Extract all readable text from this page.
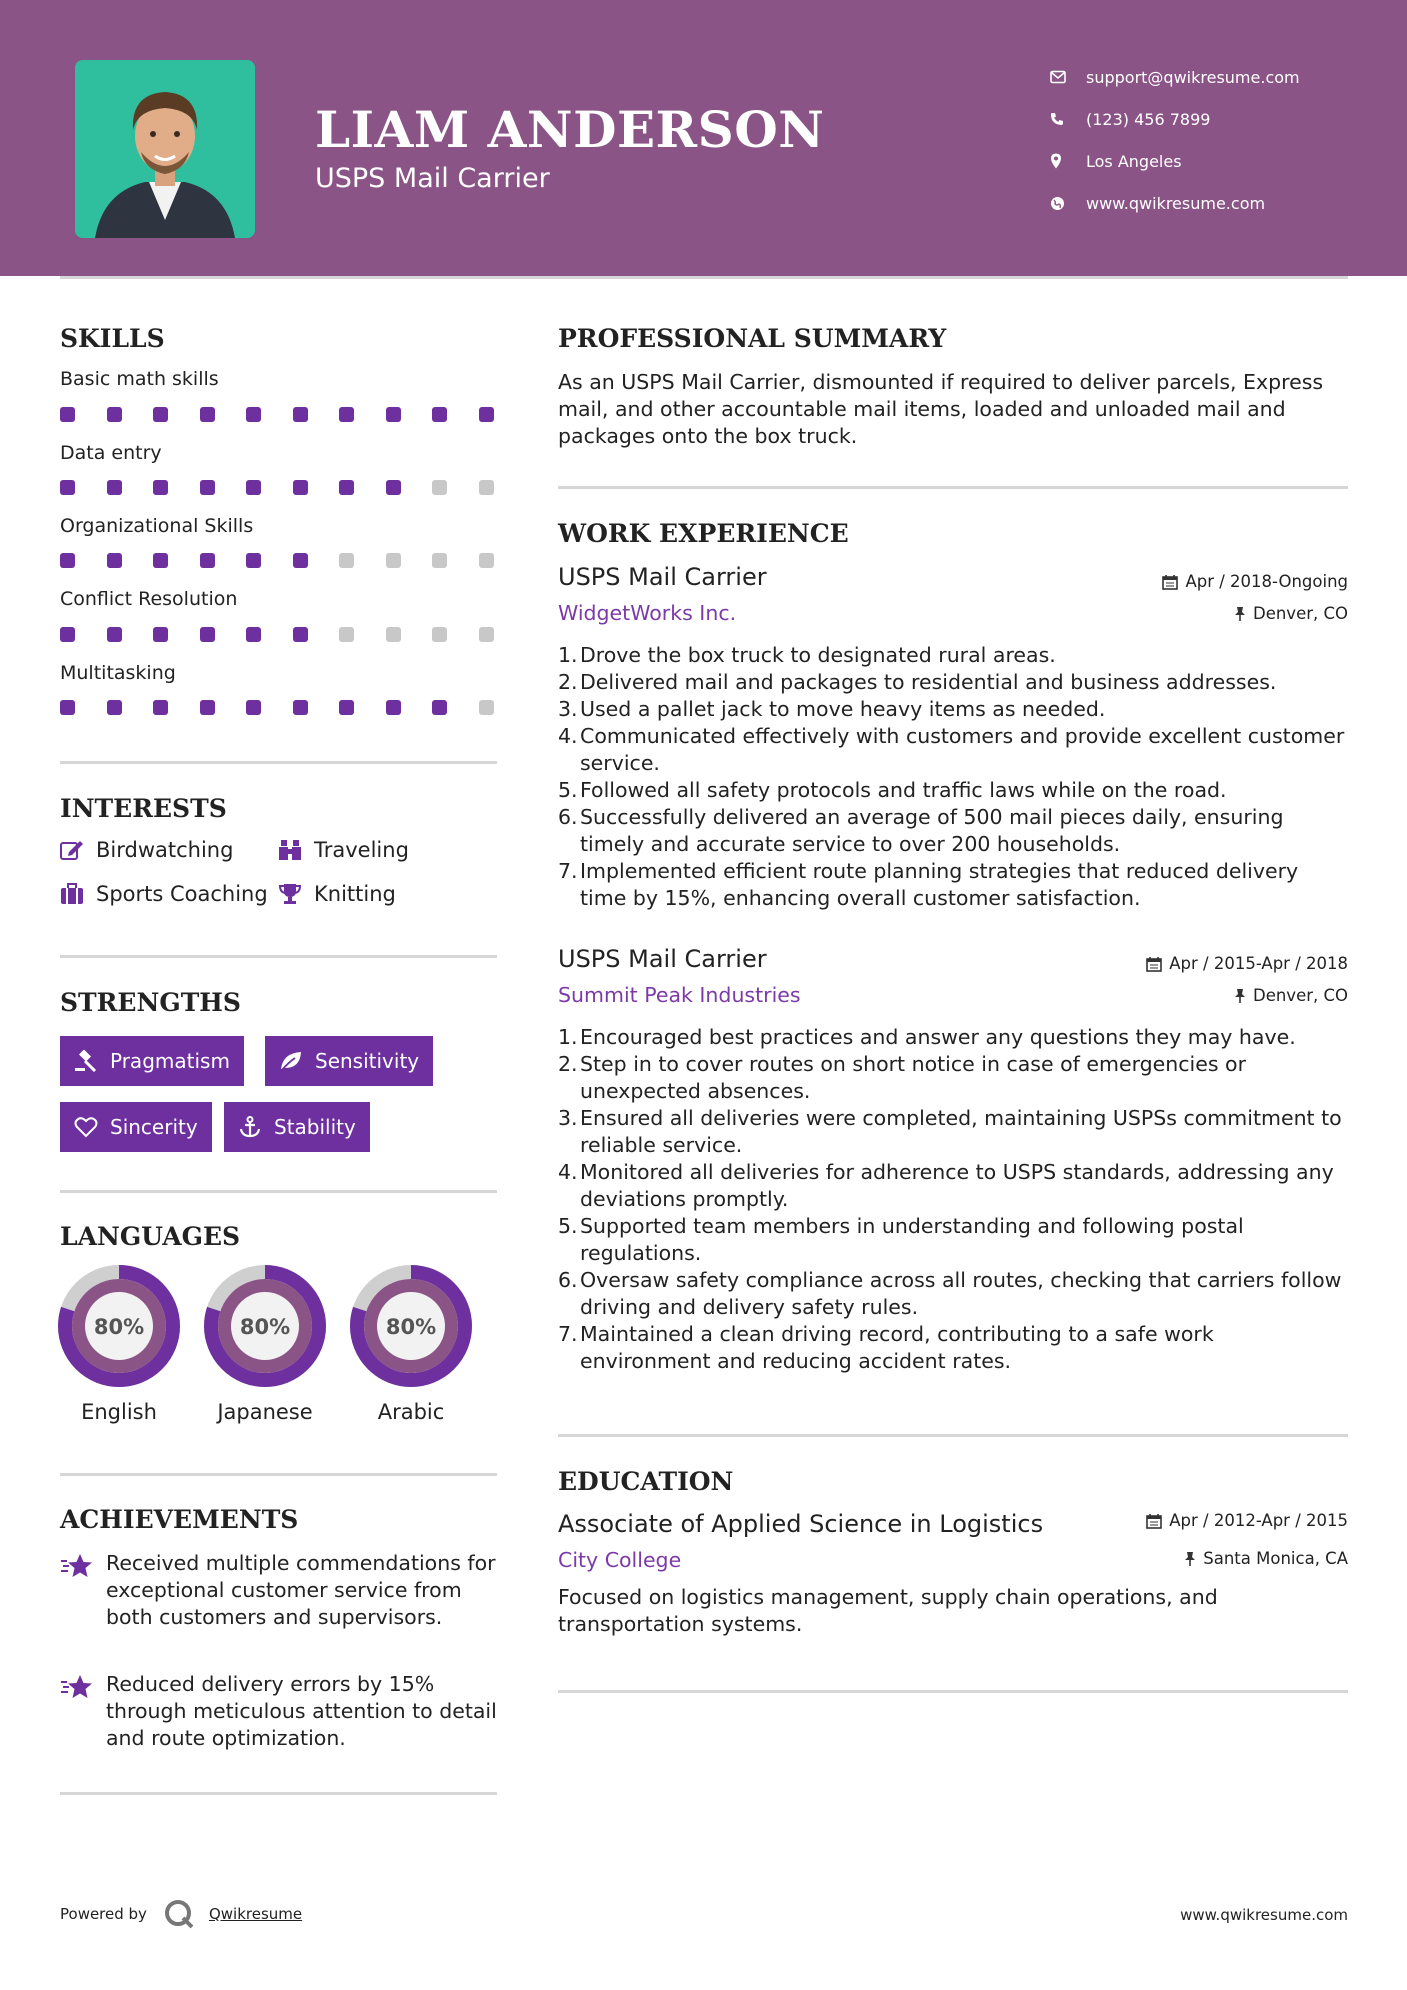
LIAM ANDERSON
USPS Mail Carrier
support@qwikresume.com
(123) 456 7899
Los Angeles
www.qwikresume.com
SKILLS
Basic math skills
Data entry
Organizational Skills
Conflict Resolution
Multitasking
INTERESTS
Birdwatching	Traveling
Sports Coaching Knitting
STRENGTHS
Pragmatism	Sensitivity
Sincerity	Stability
LANGUAGES
80%
English
80%
Japanese
80%
Arabic
ACHIEVEMENTS
Received multiple commendations for exceptional customer service from both customers and supervisors.
Reduced delivery errors by 15% through meticulous attention to detail and route optimization.
PROFESSIONAL SUMMARY
As an USPS Mail Carrier, dismounted if required to deliver parcels, Express mail, and other accountable mail items, loaded and unloaded mail and packages onto the box truck.
WORK EXPERIENCE
USPS Mail Carrier	Apr / 2018-Ongoing
WidgetWorks Inc.	Denver, CO
1. Drove the box truck to designated rural areas.
2. Delivered mail and packages to residential and business addresses.
3. Used a pallet jack to move heavy items as needed.
4. Communicated effectively with customers and provide excellent customer service.
5. Followed all safety protocols and traffic laws while on the road.
6. Successfully delivered an average of 500 mail pieces daily, ensuring timely and accurate service to over 200 households.
7. Implemented efficient route planning strategies that reduced delivery time by 15%, enhancing overall customer satisfaction.
USPS Mail Carrier	Apr / 2015-Apr / 2018
Summit Peak Industries	Denver, CO
1. Encouraged best practices and answer any questions they may have.
2. Step in to cover routes on short notice in case of emergencies or unexpected absences.
3. Ensured all deliveries were completed, maintaining USPSs commitment to reliable service.
4. Monitored all deliveries for adherence to USPS standards, addressing any deviations promptly.
5. Supported team members in understanding and following postal regulations.
6. Oversaw safety compliance across all routes, checking that carriers follow driving and delivery safety rules.
7. Maintained a clean driving record, contributing to a safe work environment and reducing accident rates.
EDUCATION
Associate of Applied Science in Logistics	Apr / 2012-Apr / 2015
City College	Santa Monica, CA
Focused on logistics management, supply chain operations, and transportation systems.
Powered by	Qwikresume	www.qwikresume.com
